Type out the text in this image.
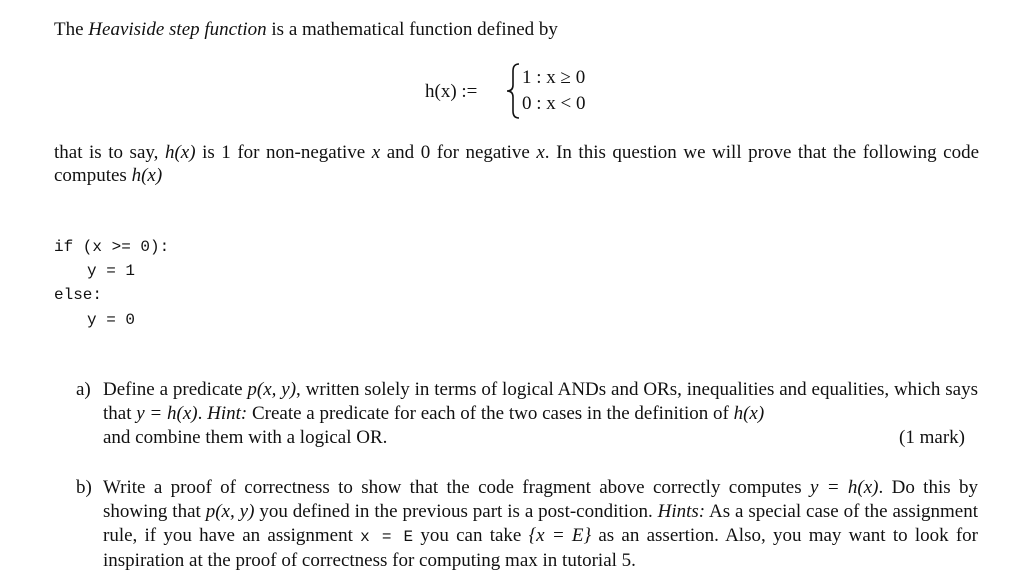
The Heaviside step function is a mathematical function defined by

h(x) :=
1 : x ≥ 0
0 : x < 0

that is to say, h(x) is 1 for non-negative x and 0 for negative x. In this question we will prove that the following code computes h(x)

if (x >= 0):
y = 1
else:
y = 0
a) Define a predicate p(x, y), written solely in terms of logical ANDs and ORs, inequalities and equalities, which says that y = h(x). Hint: Create a predicate for each of the two cases in the definition of h(x)
and combine them with a logical OR.	(1 mark)
b) Write a proof of correctness to show that the code fragment above correctly computes y = h(x). Do this by showing that p(x, y) you defined in the previous part is a post-condition. Hints: As a special case of the assignment rule, if you have an assignment x = E you can take {x = E} as an assertion. Also, you may want to look for inspiration at the proof of correctness for computing max in tutorial 5.
